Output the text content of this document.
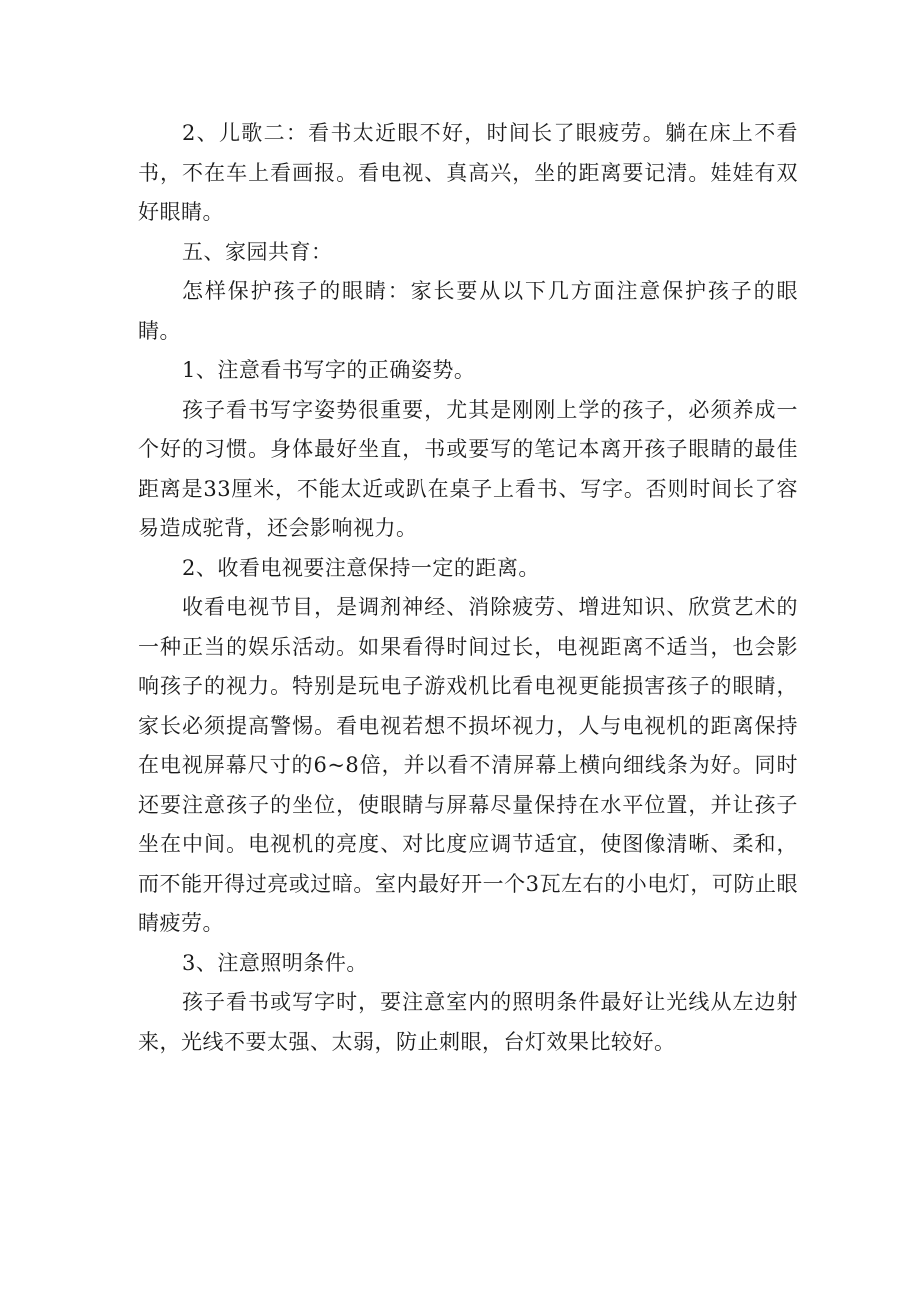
2、儿歌二：看书太近眼不好，时间长了眼疲劳。躺在床上不看书，不在车上看画报。看电视、真高兴，坐的距离要记清。娃娃有双好眼睛。

五、家园共育：

怎样保护孩子的眼睛：家长要从以下几方面注意保护孩子的眼睛。

1、注意看书写字的正确姿势。

孩子看书写字姿势很重要，尤其是刚刚上学的孩子，必须养成一个好的习惯。身体最好坐直，书或要写的笔记本离开孩子眼睛的最佳距离是33厘米，不能太近或趴在桌子上看书、写字。否则时间长了容易造成驼背，还会影响视力。

2、收看电视要注意保持一定的距离。

收看电视节目，是调剂神经、消除疲劳、增进知识、欣赏艺术的一种正当的娱乐活动。如果看得时间过长，电视距离不适当，也会影响孩子的视力。特别是玩电子游戏机比看电视更能损害孩子的眼睛，家长必须提高警惕。看电视若想不损坏视力，人与电视机的距离保持在电视屏幕尺寸的6~8倍，并以看不清屏幕上横向细线条为好。同时还要注意孩子的坐位，使眼睛与屏幕尽量保持在水平位置，并让孩子坐在中间。电视机的亮度、对比度应调节适宜，使图像清晰、柔和，而不能开得过亮或过暗。室内最好开一个3瓦左右的小电灯，可防止眼睛疲劳。

3、注意照明条件。

孩子看书或写字时，要注意室内的照明条件最好让光线从左边射来，光线不要太强、太弱，防止刺眼，台灯效果比较好。
